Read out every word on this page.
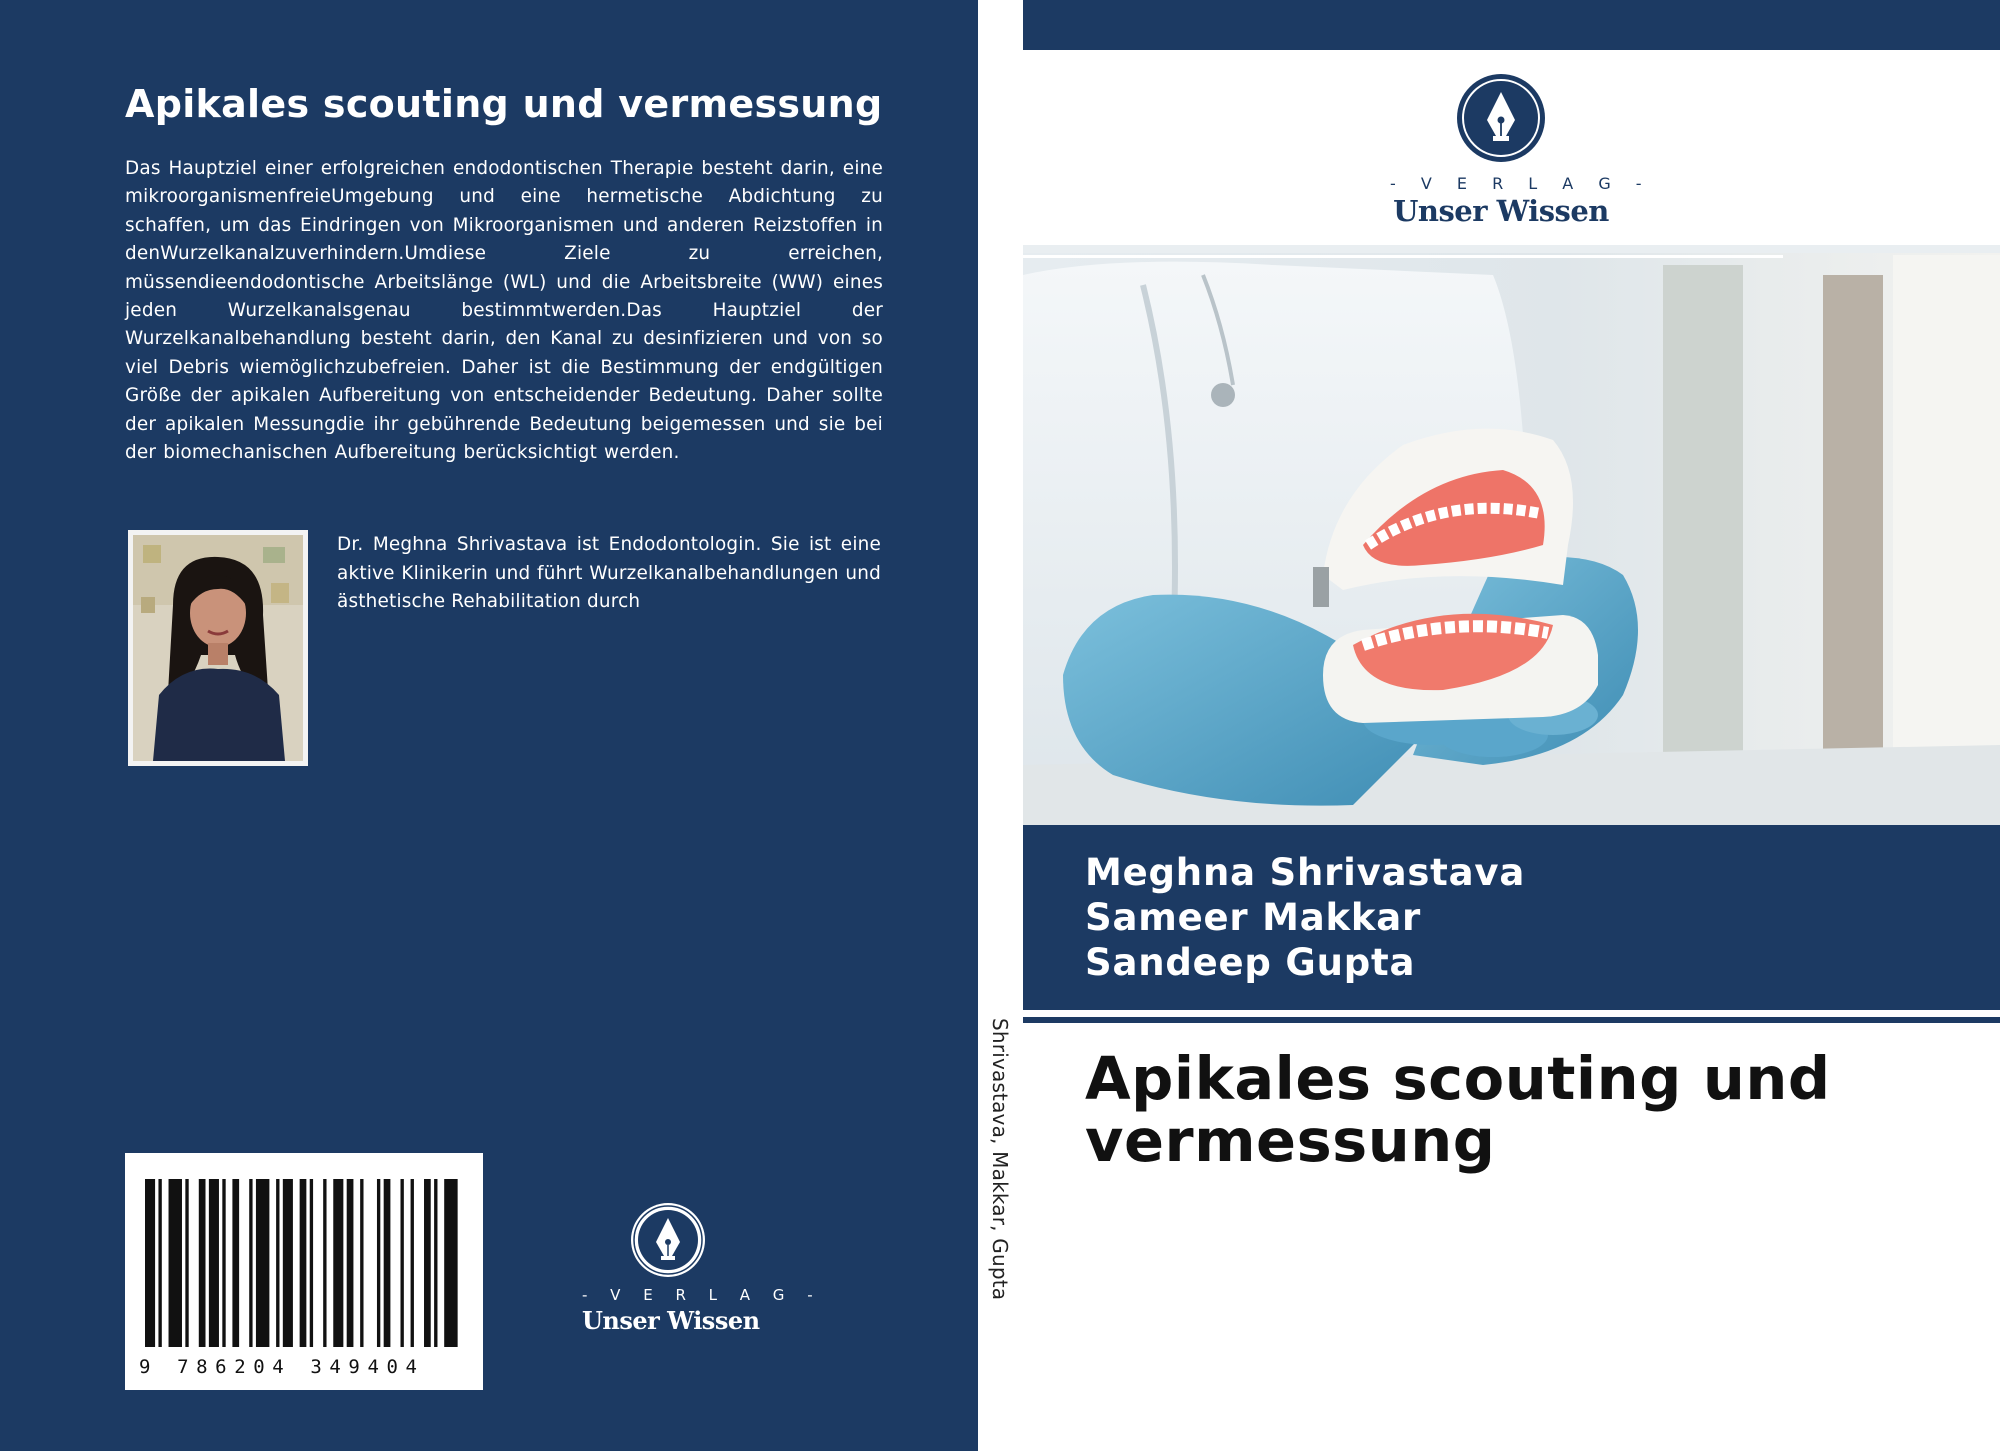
Apikales scouting und vermessung

Das Hauptziel einer erfolgreichen endodontischen Therapie besteht darin, eine mikroorganismenfreieUmgebung und eine hermetische Abdichtung zu schaffen, um das Eindringen von Mikroorganismen und anderen Reizstoffen in denWurzelkanalzuverhindern.Umdiese Ziele zu erreichen, müssendieendodontische Arbeitslänge (WL) und die Arbeitsbreite (WW) eines jeden Wurzelkanalsgenau bestimmtwerden.Das Hauptziel der Wurzelkanalbehandlung besteht darin, den Kanal zu desinfizieren und von so viel Debris wiemöglichzubefreien. Daher ist die Bestimmung der endgültigen Größe der apikalen Aufbereitung von entscheidender Bedeutung. Daher sollte der apikalen Messungdie ihr gebührende Bedeutung beigemessen und sie bei der biomechanischen Aufbereitung berücksichtigt werden.

Dr. Meghna Shrivastava ist Endodontologin. Sie ist eine aktive Klinikerin und führt Wurzelkanalbehandlungen und ästhetische Rehabilitation durch

9 786204 349404
- V E R L A G -
Unser Wissen
Shrivastava, Makkar, Gupta
- V E R L A G -
Unser Wissen
Meghna Shrivastava
Sameer Makkar
Sandeep Gupta
Apikales scouting und vermessung
